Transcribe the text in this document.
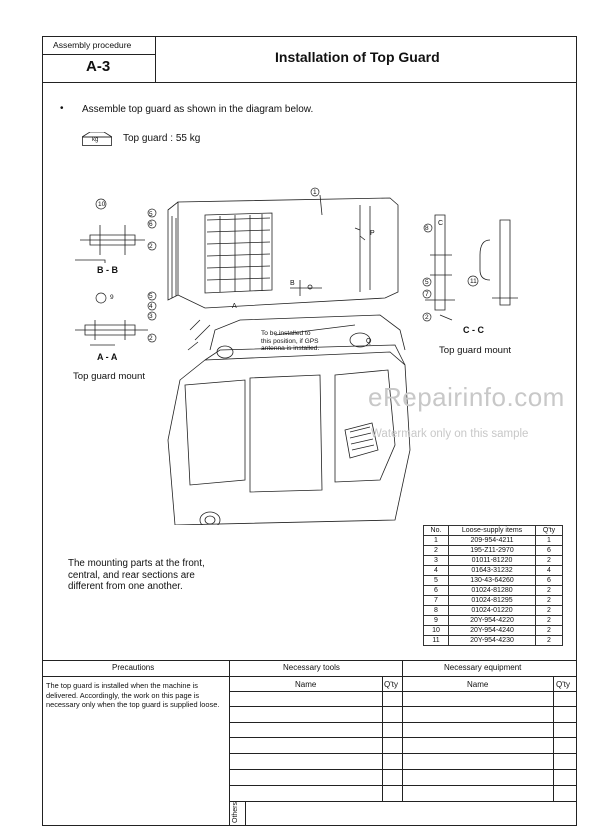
Assembly procedure
A-3
Installation of Top Guard
• Assemble top guard as shown in the diagram below.
kg Top guard : 55 kg
10
5
6
2
9	5
4
3
2
1
8
5
7
11
2
P
Q
B
A
C
B - B
A - A
C - C
Top guard mount
Top guard mount
To be installed to
this position, if GPS
antenna is installed.
eRepairinfo.com
Watermark only on this sample
The mounting parts at the front,
central, and rear sections are
different from one another.
No.	Loose-supply items	Q'ty
1	209-954-4211	1
2	195-Z11-2970	6
3	01011-81220	2
4	01643-31232	4
5	130-43-64260	6
6	01024-81280	2
7	01024-81295	2
8	01024-01220	2
9	20Y-954-4220	2
10	20Y-954-4240	2
11	20Y-954-4230	2
Precautions	Necessary tools	Necessary equipment
Name	Q'ty	Name	Q'ty
The top guard is installed when the machine is delivered. Accordingly, the work on this page is necessary only when the top guard is supplied loose.
Others
